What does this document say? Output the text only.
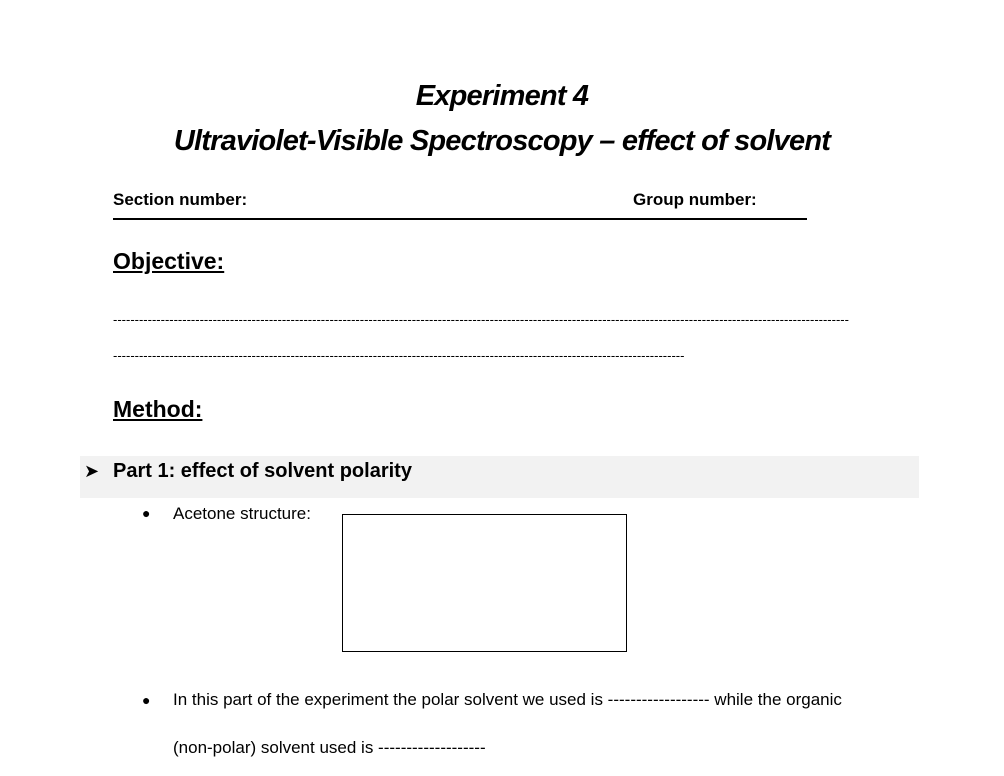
Experiment 4
Ultraviolet-Visible Spectroscopy – effect of solvent
Section number:	Group number:
Objective:
--------------------------------------------------------------------------------------------------------------------------------------------------------------------------
------------------------------------------------------------------------------------------------------------------------------------
Method:
➤ Part 1: effect of solvent polarity
● Acetone structure:
● In this part of the experiment the polar solvent we used is ------------------ while the organic
(non-polar) solvent used is -------------------
